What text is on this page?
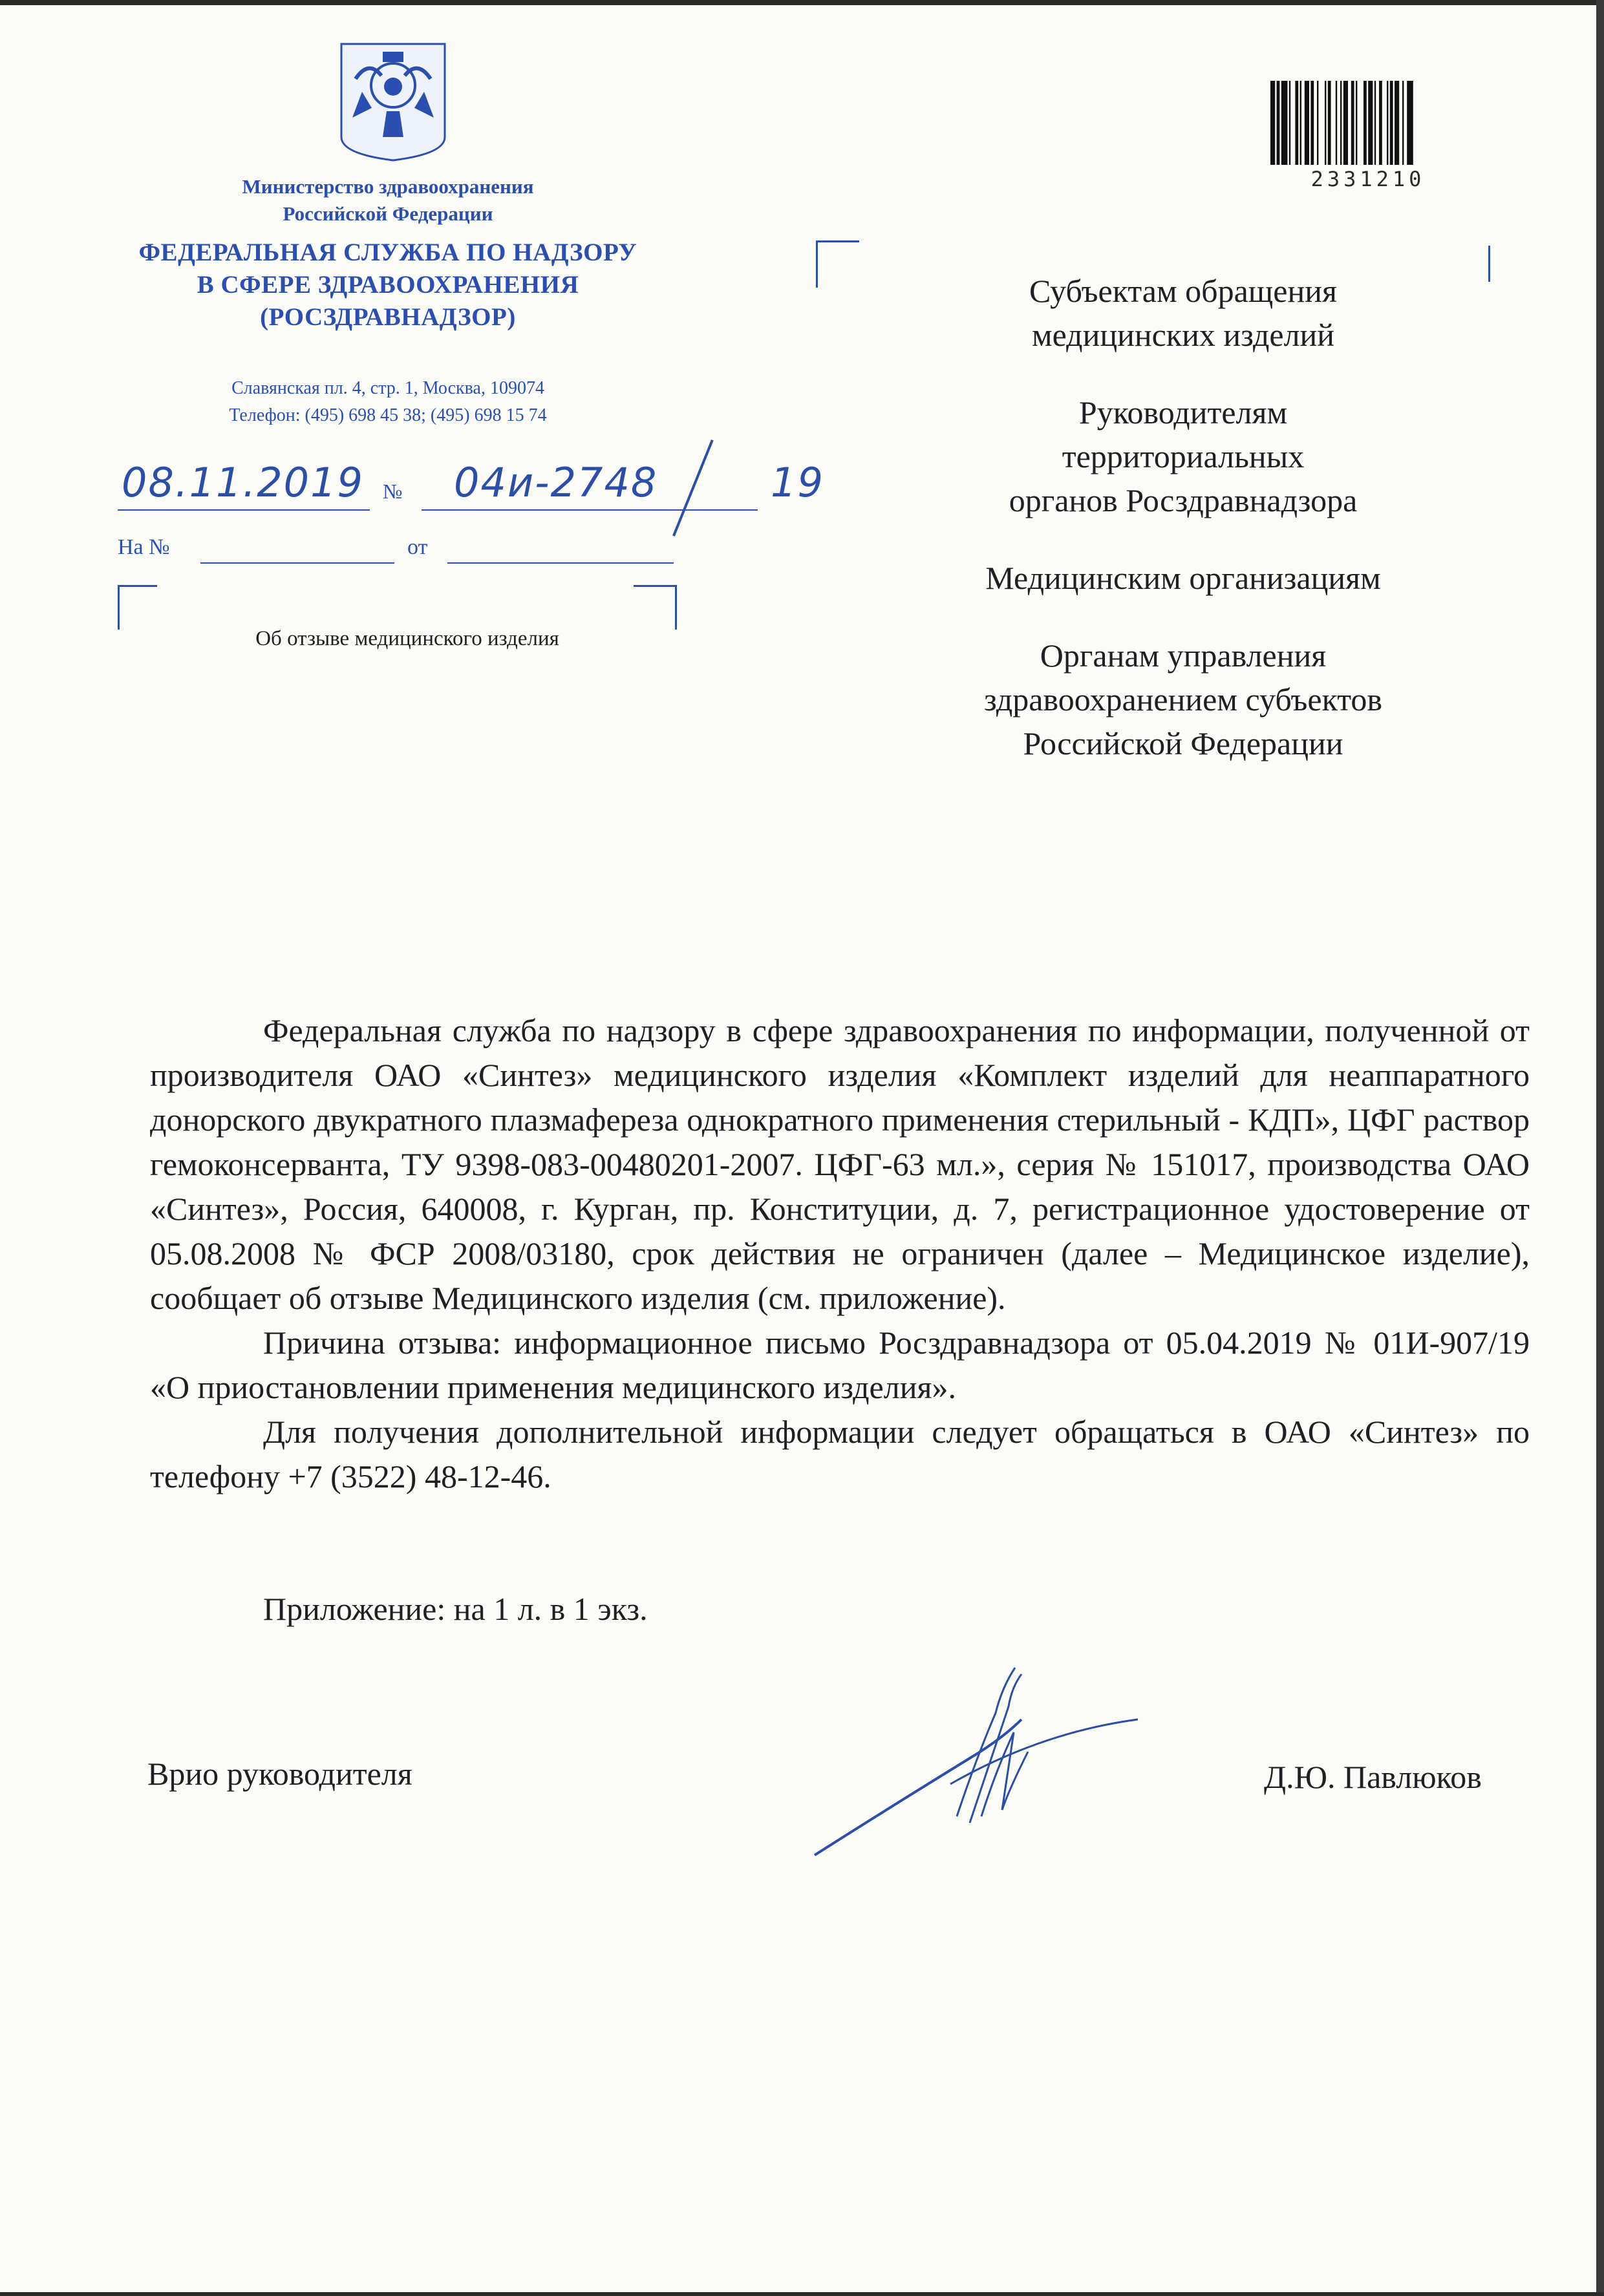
Министерство здравоохранения
Российской Федерации
ФЕДЕРАЛЬНАЯ СЛУЖБА ПО НАДЗОРУ
В СФЕРЕ ЗДРАВООХРАНЕНИЯ
(РОСЗДРАВНАДЗОР)
Славянская пл. 4, стр. 1, Москва, 109074
Телефон: (495) 698 45 38; (495) 698 15 74
08.11.2019 № 04и-2748	19
На №	от
Об отзыве медицинского изделия
2331210
Субъектам обращения
медицинских изделий
Руководителям
территориальных
органов Росздравнадзора
Медицинским организациям
Органам управления
здравоохранением субъектов
Российской Федерации

Федеральная служба по надзору в сфере здравоохранения по информации, полученной от производителя ОАО «Синтез» медицинского изделия «Комплект изделий для неаппаратного донорского двукратного плазмафереза однократного применения стерильный - КДП», ЦФГ раствор гемоконсерванта, ТУ 9398-083-00480201-2007. ЦФГ-63 мл.», серия № 151017, производства ОАО «Синтез», Россия, 640008, г. Курган, пр. Конституции, д. 7, регистрационное удостоверение от 05.08.2008 № ФСР 2008/03180, срок действия не ограничен (далее – Медицинское изделие), сообщает об отзыве Медицинского изделия (см. приложение).

Причина отзыва: информационное письмо Росздравнадзора от 05.04.2019 № 01И-907/19 «О приостановлении применения медицинского изделия».

Для получения дополнительной информации следует обращаться в ОАО «Синтез» по телефону +7 (3522) 48-12-46.

Приложение: на 1 л. в 1 экз.
Врио руководителя	Д.Ю. Павлюков
